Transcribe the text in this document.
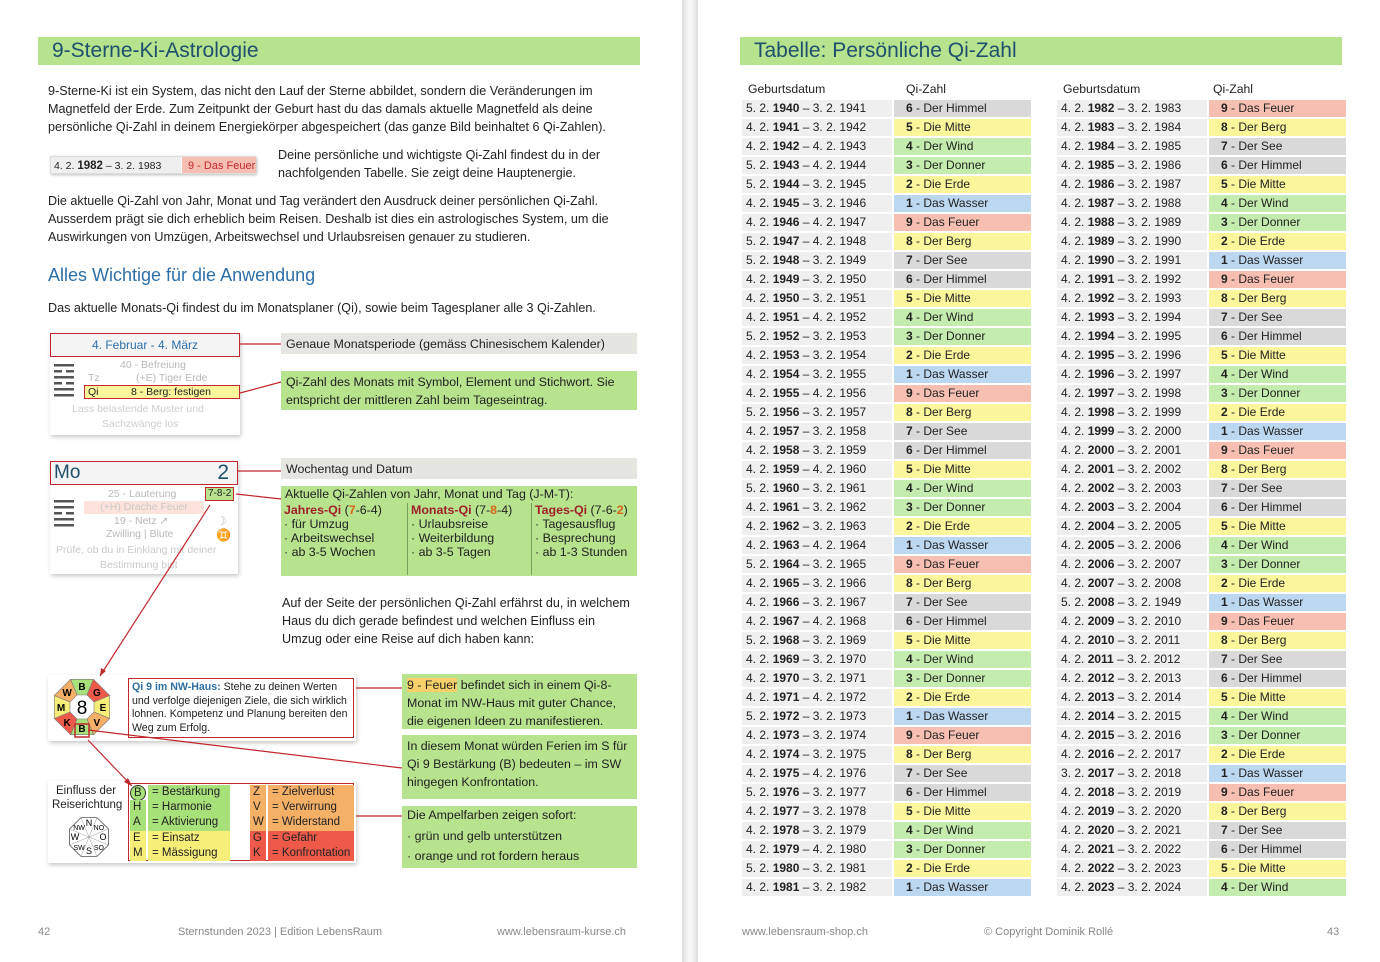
9-Sterne-Ki-Astrologie

9-Sterne-Ki ist ein System, das nicht den Lauf der Sterne abbildet, sondern die Veränderungen im Magnetfeld der Erde. Zum Zeitpunkt der Geburt hast du das damals aktuelle Magnetfeld als deine persönliche Qi-Zahl in deinem Energiekörper abgespeichert (das ganze Bild beinhaltet 6 Qi-Zahlen).

4. 2. 1982 – 3. 2. 1983	9 - Das Feuer

Deine persönliche und wichtigste Qi-Zahl findest du in der nachfolgenden Tabelle. Sie zeigt deine Hauptenergie.

Die aktuelle Qi-Zahl von Jahr, Monat und Tag verändert den Ausdruck deiner persönlichen Qi-Zahl. Ausserdem prägt sie dich erheblich beim Reisen. Deshalb ist dies ein astrologisches System, um die Auswirkungen von Umzügen, Arbeitswechsel und Urlaubsreisen genauer zu studieren.

Alles Wichtige für die Anwendung

Das aktuelle Monats-Qi findest du im Monatsplaner (Qi), sowie beim Tagesplaner alle 3 Qi-Zahlen.

4. Februar - 4. März
40 - Befreiung
Tz	(+E) Tiger Erde
Qi	8 - Berg: festigen
Lass belastende Muster und
Sachzwänge los
Genaue Monatsperiode (gemäss Chinesischem Kalender)
Qi-Zahl des Monats mit Symbol, Element und Stichwort. Sie entspricht der mittleren Zahl beim Tageseintrag.
Mo	2
7-8-2
25 - Lauterung
(+H) Drache Feuer
19 - Netz ↗
Zwilling | Blute
☽
♊
Prüfe, ob du in Einklang mit deiner
Bestimmung bist
Wochentag und Datum
Aktuelle Qi-Zahlen von Jahr, Monat und Tag (J-M-T):
Jahres-Qi (7-6-4)
· für Umzug
· Arbeitswechsel
· ab 3-5 Wochen
Monats-Qi (7-8-4)
· Urlaubsreise
· Weiterbildung
· ab 3-5 Tagen
Tages-Qi (7-6-2)
· Tagesausflug
· Besprechung
· ab 1-3 Stunden

Auf der Seite der persönlichen Qi-Zahl erfährst du, in welchem Haus du dich gerade befindest und welchen Einfluss ein Umzug oder eine Reise auf dich haben kann:

B
G
E
V
B
K
M
W
8
Qi 9 im NW-Haus: Stehe zu deinen Werten und verfolge diejenigen Ziele, die sich wirklich lohnen. Kompetenz und Planung bereiten den Weg zum Erfolg.
9 - Feuer befindet sich in einem Qi-8-Monat im NW-Haus mit guter Chance, die eigenen Ideen zu manifestieren.
In diesem Monat würden Ferien im S für Qi 9 Bestärkung (B) bedeuten – im SW hingegen Konfrontation.
Einfluss der
Reiserichtung
N
NO
O
SO
S
SW
W
NW
B = Bestärkung
H = Harmonie
A = Aktivierung
E = Einsatz
M = Mässigung
Z	= Zielverlust
V = Verwirrung
W = Widerstand
G = Gefahr
K = Konfrontation
Die Ampelfarben zeigen sofort:
· grün und gelb unterstützen
· orange und rot fordern heraus
42	Sternstunden 2023 | Edition LebensRaum	www.lebensraum-kurse.ch
Tabelle: Persönliche Qi-Zahl
Geburtsdatum	Qi-Zahl
5. 2. 1940 – 3. 2. 1941	6 - Der Himmel
4. 2. 1941 – 3. 2. 1942	5 - Die Mitte
4. 2. 1942 – 4. 2. 1943	4 - Der Wind
5. 2. 1943 – 4. 2. 1944	3 - Der Donner
5. 2. 1944 – 3. 2. 1945	2 - Die Erde
4. 2. 1945 – 3. 2. 1946	1 - Das Wasser
4. 2. 1946 – 4. 2. 1947	9 - Das Feuer
5. 2. 1947 – 4. 2. 1948	8 - Der Berg
5. 2. 1948 – 3. 2. 1949	7 - Der See
4. 2. 1949 – 3. 2. 1950	6 - Der Himmel
4. 2. 1950 – 3. 2. 1951	5 - Die Mitte
4. 2. 1951 – 4. 2. 1952	4 - Der Wind
5. 2. 1952 – 3. 2. 1953	3 - Der Donner
4. 2. 1953 – 3. 2. 1954	2 - Die Erde
4. 2. 1954 – 3. 2. 1955	1 - Das Wasser
4. 2. 1955 – 4. 2. 1956	9 - Das Feuer
5. 2. 1956 – 3. 2. 1957	8 - Der Berg
4. 2. 1957 – 3. 2. 1958	7 - Der See
4. 2. 1958 – 3. 2. 1959	6 - Der Himmel
4. 2. 1959 – 4. 2. 1960	5 - Die Mitte
5. 2. 1960 – 3. 2. 1961	4 - Der Wind
4. 2. 1961 – 3. 2. 1962	3 - Der Donner
4. 2. 1962 – 3. 2. 1963	2 - Die Erde
4. 2. 1963 – 4. 2. 1964	1 - Das Wasser
5. 2. 1964 – 3. 2. 1965	9 - Das Feuer
4. 2. 1965 – 3. 2. 1966	8 - Der Berg
4. 2. 1966 – 3. 2. 1967	7 - Der See
4. 2. 1967 – 4. 2. 1968	6 - Der Himmel
5. 2. 1968 – 3. 2. 1969	5 - Die Mitte
4. 2. 1969 – 3. 2. 1970	4 - Der Wind
4. 2. 1970 – 3. 2. 1971	3 - Der Donner
4. 2. 1971 – 4. 2. 1972	2 - Die Erde
5. 2. 1972 – 3. 2. 1973	1 - Das Wasser
4. 2. 1973 – 3. 2. 1974	9 - Das Feuer
4. 2. 1974 – 3. 2. 1975	8 - Der Berg
4. 2. 1975 – 4. 2. 1976	7 - Der See
5. 2. 1976 – 3. 2. 1977	6 - Der Himmel
4. 2. 1977 – 3. 2. 1978	5 - Die Mitte
4. 2. 1978 – 3. 2. 1979	4 - Der Wind
4. 2. 1979 – 4. 2. 1980	3 - Der Donner
5. 2. 1980 – 3. 2. 1981	2 - Die Erde
4. 2. 1981 – 3. 2. 1982	1 - Das Wasser
Geburtsdatum	Qi-Zahl
4. 2. 1982 – 3. 2. 1983	9 - Das Feuer
4. 2. 1983 – 3. 2. 1984	8 - Der Berg
4. 2. 1984 – 3. 2. 1985	7 - Der See
4. 2. 1985 – 3. 2. 1986	6 - Der Himmel
4. 2. 1986 – 3. 2. 1987	5 - Die Mitte
4. 2. 1987 – 3. 2. 1988	4 - Der Wind
4. 2. 1988 – 3. 2. 1989	3 - Der Donner
4. 2. 1989 – 3. 2. 1990	2 - Die Erde
4. 2. 1990 – 3. 2. 1991	1 - Das Wasser
4. 2. 1991 – 3. 2. 1992	9 - Das Feuer
4. 2. 1992 – 3. 2. 1993	8 - Der Berg
4. 2. 1993 – 3. 2. 1994	7 - Der See
4. 2. 1994 – 3. 2. 1995	6 - Der Himmel
4. 2. 1995 – 3. 2. 1996	5 - Die Mitte
4. 2. 1996 – 3. 2. 1997	4 - Der Wind
4. 2. 1997 – 3. 2. 1998	3 - Der Donner
4. 2. 1998 – 3. 2. 1999	2 - Die Erde
4. 2. 1999 – 3. 2. 2000	1 - Das Wasser
4. 2. 2000 – 3. 2. 2001	9 - Das Feuer
4. 2. 2001 – 3. 2. 2002	8 - Der Berg
4. 2. 2002 – 3. 2. 2003	7 - Der See
4. 2. 2003 – 3. 2. 2004	6 - Der Himmel
4. 2. 2004 – 3. 2. 2005	5 - Die Mitte
4. 2. 2005 – 3. 2. 2006	4 - Der Wind
4. 2. 2006 – 3. 2. 2007	3 - Der Donner
4. 2. 2007 – 3. 2. 2008	2 - Die Erde
5. 2. 2008 – 3. 2. 1949	1 - Das Wasser
4. 2. 2009 – 3. 2. 2010	9 - Das Feuer
4. 2. 2010 – 3. 2. 2011	8 - Der Berg
4. 2. 2011 – 3. 2. 2012	7 - Der See
4. 2. 2012 – 3. 2. 2013	6 - Der Himmel
4. 2. 2013 – 3. 2. 2014	5 - Die Mitte
4. 2. 2014 – 3. 2. 2015	4 - Der Wind
4. 2. 2015 – 3. 2. 2016	3 - Der Donner
4. 2. 2016 – 2. 2. 2017	2 - Die Erde
3. 2. 2017 – 3. 2. 2018	1 - Das Wasser
4. 2. 2018 – 3. 2. 2019	9 - Das Feuer
4. 2. 2019 – 3. 2. 2020	8 - Der Berg
4. 2. 2020 – 3. 2. 2021	7 - Der See
4. 2. 2021 – 3. 2. 2022	6 - Der Himmel
4. 2. 2022 – 3. 2. 2023	5 - Die Mitte
4. 2. 2023 – 3. 2. 2024	4 - Der Wind
www.lebensraum-shop.ch	© Copyright Dominik Rollé	43
